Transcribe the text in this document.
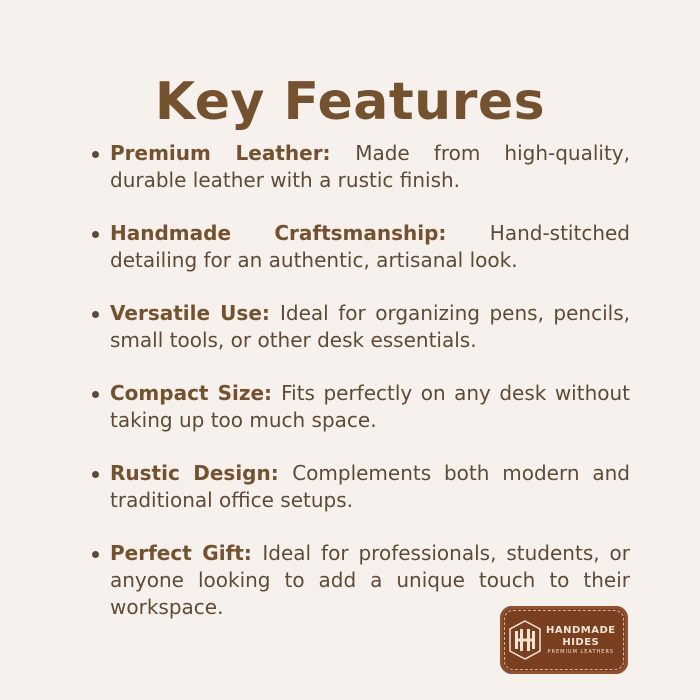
Key Features
Premium Leather: Made from high-quality, durable leather with a rustic finish.
Handmade Craftsmanship: Hand-stitched detailing for an authentic, artisanal look.
Versatile Use: Ideal for organizing pens, pencils, small tools, or other desk essentials.
Compact Size: Fits perfectly on any desk without taking up too much space.
Rustic Design: Complements both modern and traditional office setups.
Perfect Gift: Ideal for professionals, students, or anyone looking to add a unique touch to their workspace.
HANDMADE
HIDES
PREMIUM LEATHERS
